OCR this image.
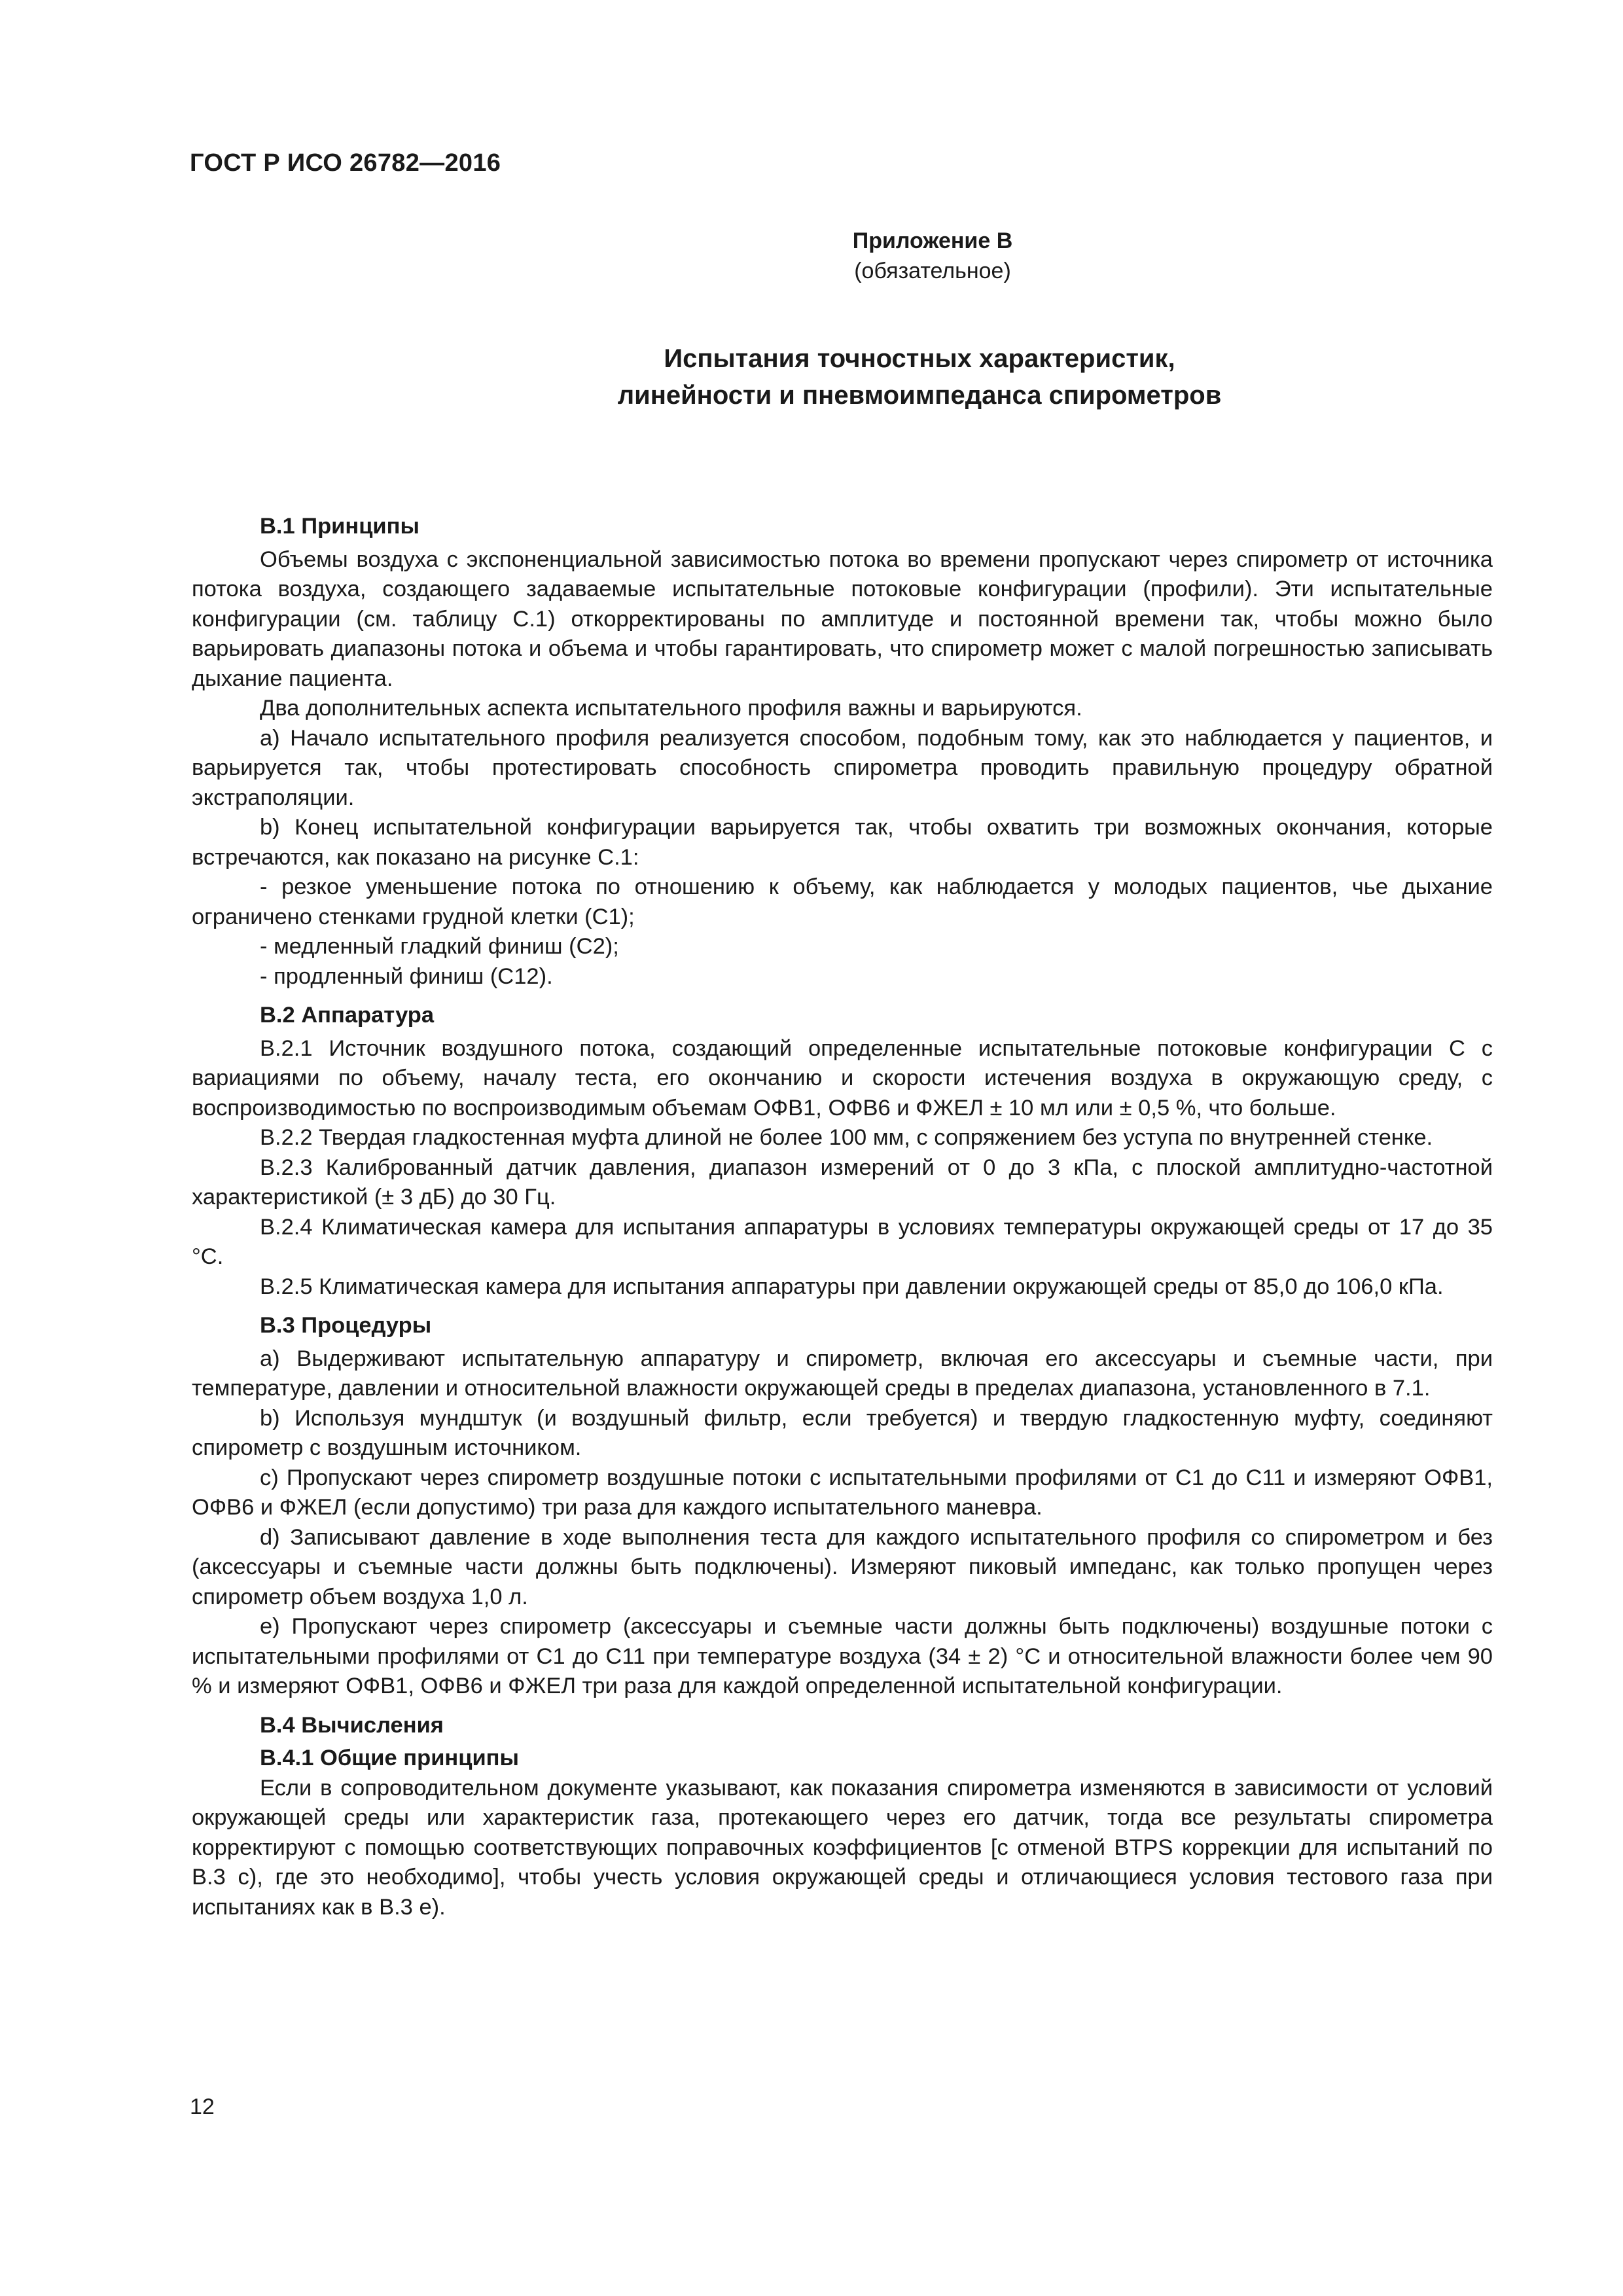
ГОСТ Р ИСО 26782—2016
Приложение В
(обязательное)
Испытания точностных характеристик,
линейности и пневмоимпеданса спирометров
В.1 Принципы

Объемы воздуха с экспоненциальной зависимостью потока во времени пропускают через спирометр от источника потока воздуха, создающего задаваемые испытательные потоковые конфигурации (профили). Эти испытательные конфигурации (см. таблицу С.1) откорректированы по амплитуде и постоянной времени так, чтобы можно было варьировать диапазоны потока и объема и чтобы гарантировать, что спирометр может с малой погрешностью записывать дыхание пациента.

Два дополнительных аспекта испытательного профиля важны и варьируются.

а) Начало испытательного профиля реализуется способом, подобным тому, как это наблюдается у пациентов, и варьируется так, чтобы протестировать способность спирометра проводить правильную процедуру обратной экстраполяции.

b) Конец испытательной конфигурации варьируется так, чтобы охватить три возможных окончания, которые встречаются, как показано на рисунке С.1:

- резкое уменьшение потока по отношению к объему, как наблюдается у молодых пациентов, чье дыхание ограничено стенками грудной клетки (С1);

- медленный гладкий финиш (С2);

- продленный финиш (С12).

В.2 Аппаратура

В.2.1 Источник воздушного потока, создающий определенные испытательные потоковые конфигурации С с вариациями по объему, началу теста, его окончанию и скорости истечения воздуха в окружающую среду, с воспроизводимостью по воспроизводимым объемам ОФВ1, ОФВ6 и ФЖЕЛ ± 10 мл или ± 0,5 %, что больше.

В.2.2 Твердая гладкостенная муфта длиной не более 100 мм, с сопряжением без уступа по внутренней стенке.

В.2.3 Калиброванный датчик давления, диапазон измерений от 0 до 3 кПа, с плоской амплитудно-частотной характеристикой (± 3 дБ) до 30 Гц.

В.2.4 Климатическая камера для испытания аппаратуры в условиях температуры окружающей среды от 17 до 35 °С.

В.2.5 Климатическая камера для испытания аппаратуры при давлении окружающей среды от 85,0 до 106,0 кПа.

В.3 Процедуры

а) Выдерживают испытательную аппаратуру и спирометр, включая его аксессуары и съемные части, при температуре, давлении и относительной влажности окружающей среды в пределах диапазона, установленного в 7.1.

b) Используя мундштук (и воздушный фильтр, если требуется) и твердую гладкостенную муфту, соединяют спирометр с воздушным источником.

с) Пропускают через спирометр воздушные потоки с испытательными профилями от С1 до С11 и измеряют ОФВ1, ОФВ6 и ФЖЕЛ (если допустимо) три раза для каждого испытательного маневра.

d) Записывают давление в ходе выполнения теста для каждого испытательного профиля со спирометром и без (аксессуары и съемные части должны быть подключены). Измеряют пиковый импеданс, как только пропущен через спирометр объем воздуха 1,0 л.

е) Пропускают через спирометр (аксессуары и съемные части должны быть подключены) воздушные потоки с испытательными профилями от С1 до С11 при температуре воздуха (34 ± 2) °С и относительной влажности более чем 90 % и измеряют ОФВ1, ОФВ6 и ФЖЕЛ три раза для каждой определенной испытательной конфигурации.

В.4 Вычисления
В.4.1 Общие принципы

Если в сопроводительном документе указывают, как показания спирометра изменяются в зависимости от условий окружающей среды или характеристик газа, протекающего через его датчик, тогда все результаты спирометра корректируют с помощью соответствующих поправочных коэффициентов [с отменой BTPS коррекции для испытаний по В.3 с), где это необходимо], чтобы учесть условия окружающей среды и отличающиеся условия тестового газа при испытаниях как в В.3 е).

12
